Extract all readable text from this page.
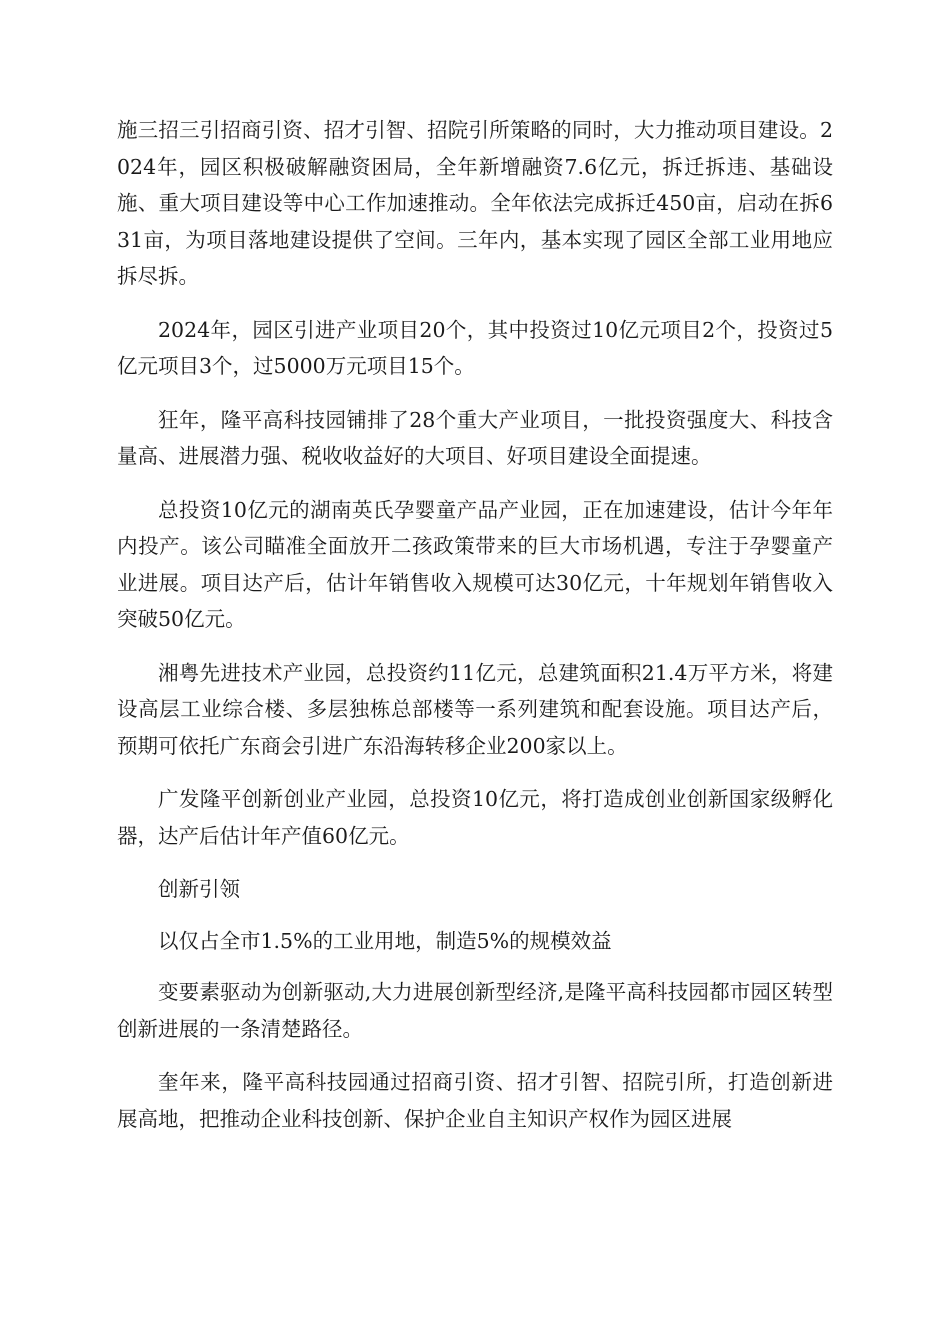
施三招三引招商引资、招才引智、招院引所策略的同时，大力推动项目建设。2024年，园区积极破解融资困局，全年新增融资7.6亿元，拆迁拆违、基础设施、重大项目建设等中心工作加速推动。全年依法完成拆迁450亩，启动在拆631亩，为项目落地建设提供了空间。三年内，基本实现了园区全部工业用地应拆尽拆。

2024年，园区引进产业项目20个，其中投资过10亿元项目2个，投资过5亿元项目3个，过5000万元项目15个。

狂年，隆平高科技园铺排了28个重大产业项目，一批投资强度大、科技含量高、进展潜力强、税收收益好的大项目、好项目建设全面提速。

总投资10亿元的湖南英氏孕婴童产品产业园，正在加速建设，估计今年年内投产。该公司瞄准全面放开二孩政策带来的巨大市场机遇，专注于孕婴童产业进展。项目达产后，估计年销售收入规模可达30亿元，十年规划年销售收入突破50亿元。

湘粤先进技术产业园，总投资约11亿元，总建筑面积21.4万平方米，将建设高层工业综合楼、多层独栋总部楼等一系列建筑和配套设施。项目达产后，预期可依托广东商会引进广东沿海转移企业200家以上。

广发隆平创新创业产业园，总投资10亿元，将打造成创业创新国家级孵化器，达产后估计年产值60亿元。

创新引领

以仅占全市1.5%的工业用地，制造5%的规模效益

变要素驱动为创新驱动,大力进展创新型经济,是隆平高科技园都市园区转型创新进展的一条清楚路径。

奎年来，隆平高科技园通过招商引资、招才引智、招院引所，打造创新进展高地，把推动企业科技创新、保护企业自主知识产权作为园区进展
